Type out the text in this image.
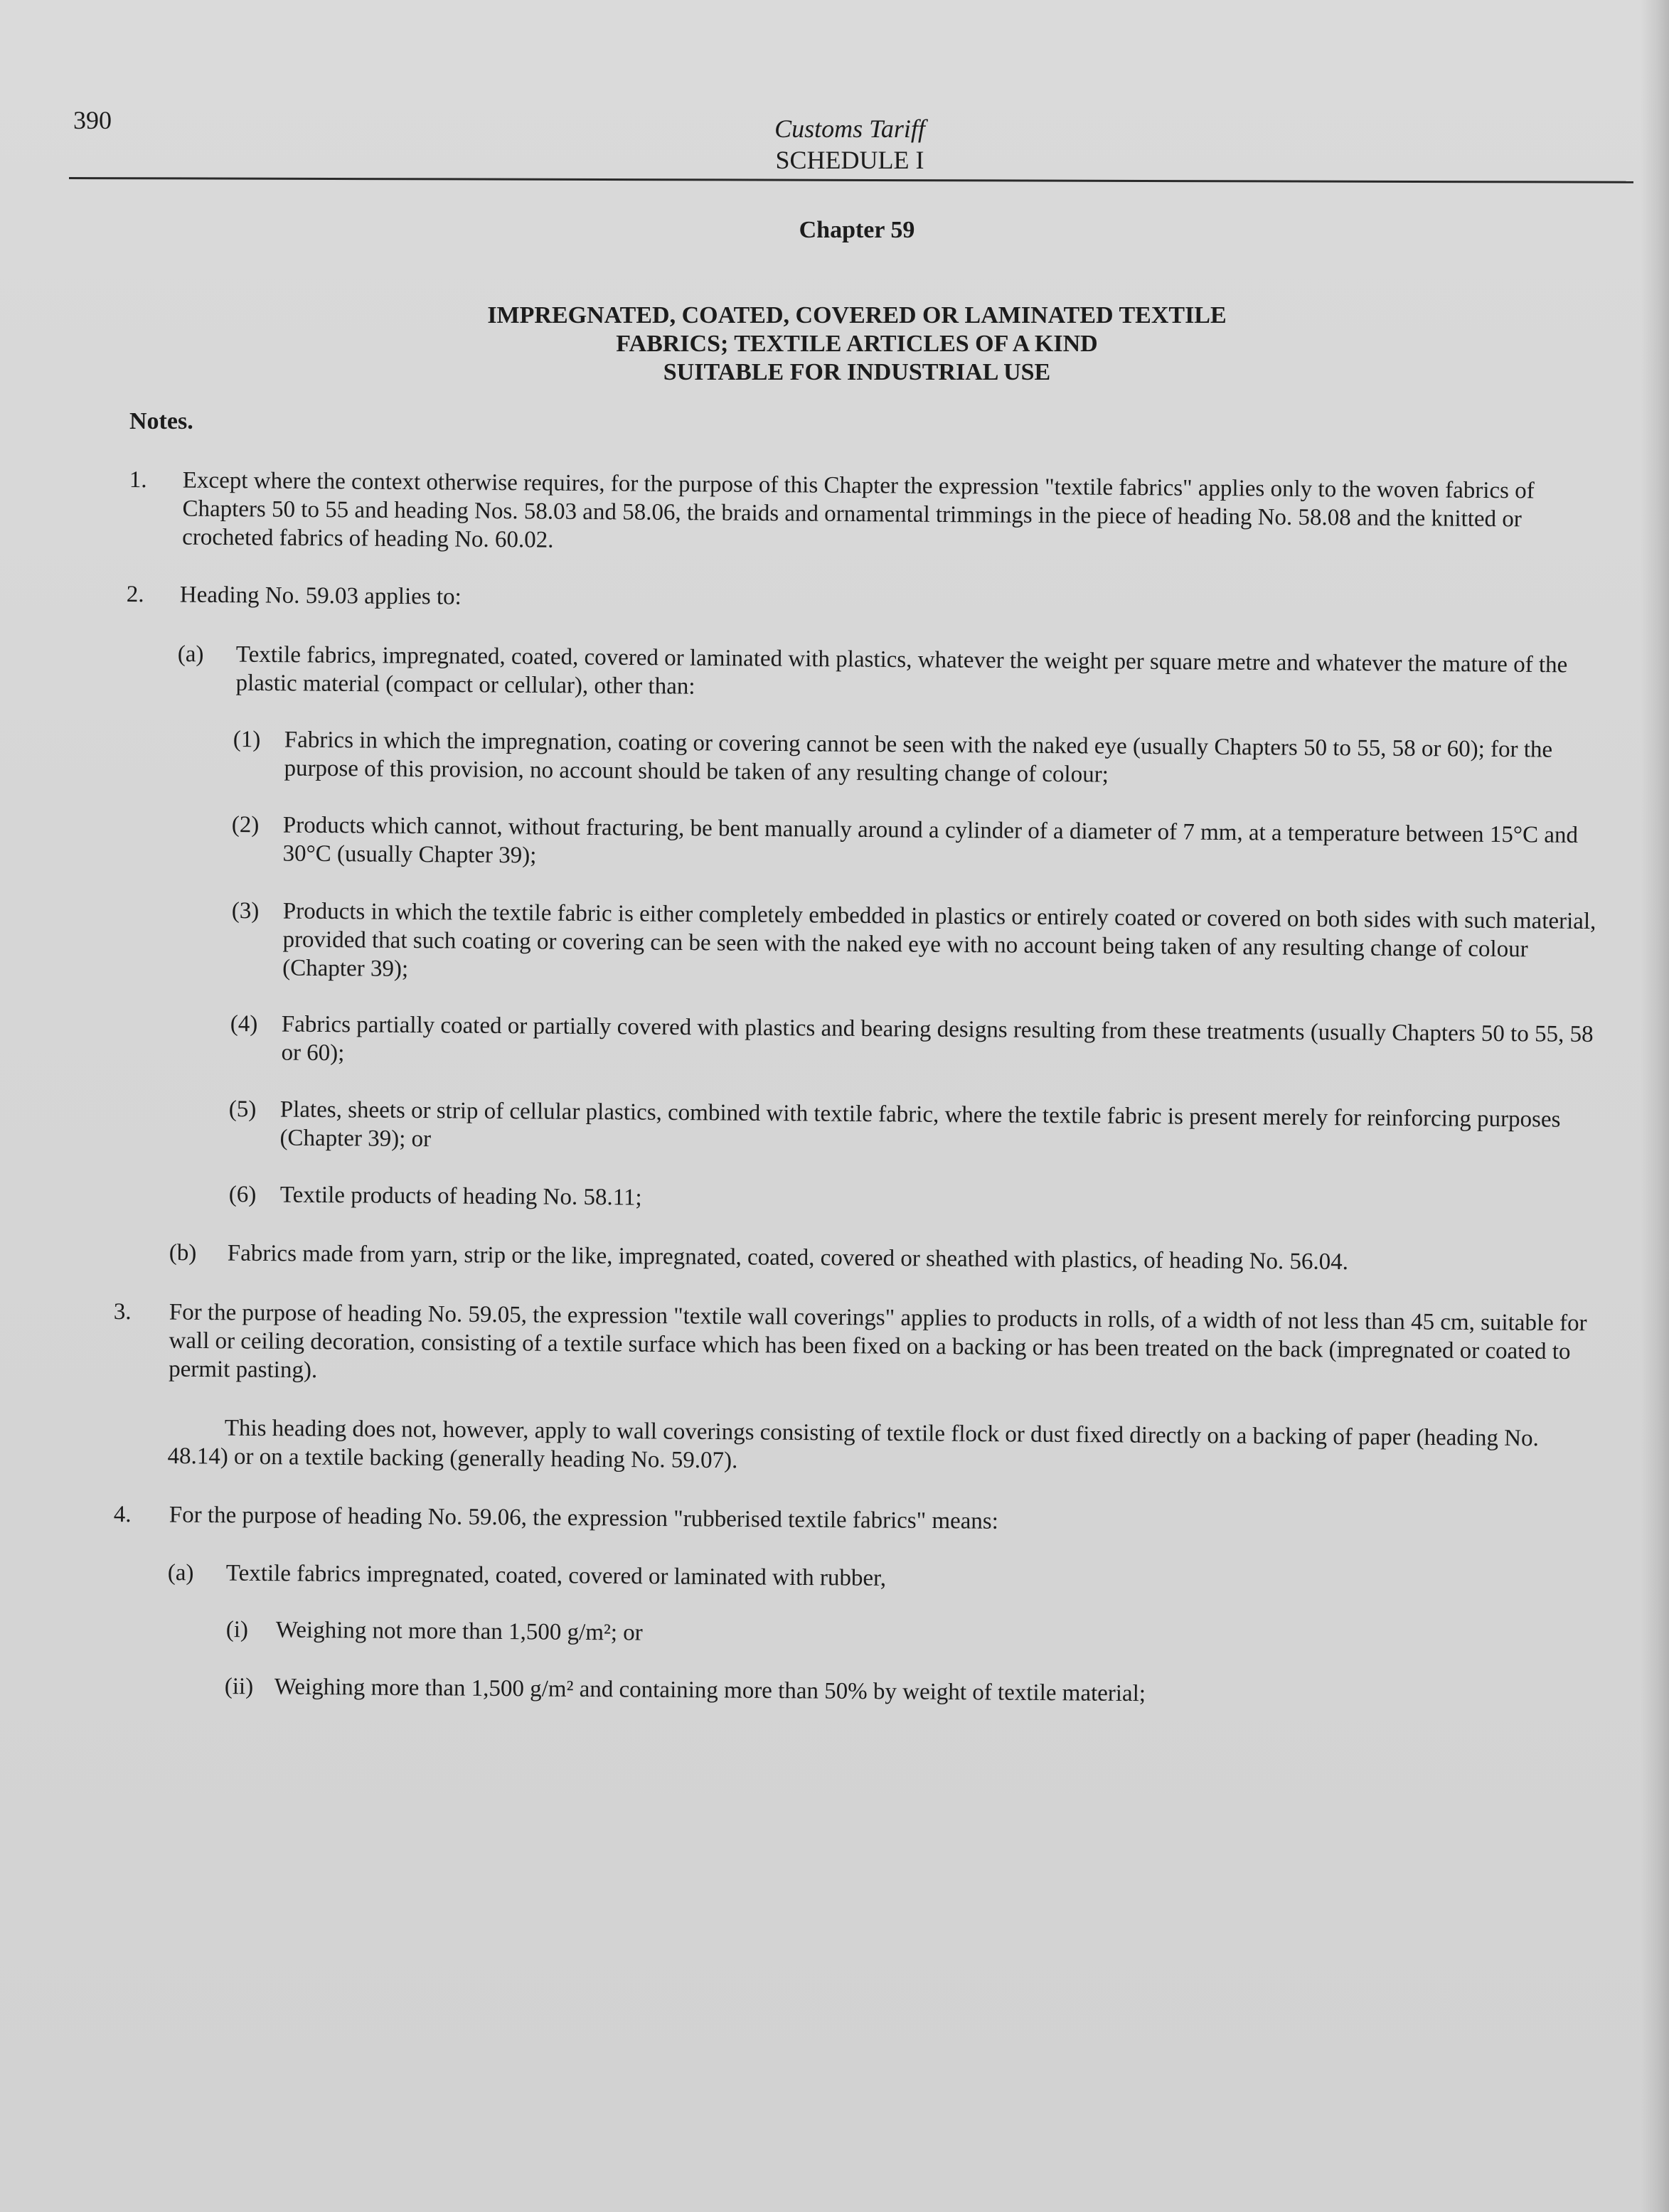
390	Customs Tariff
SCHEDULE I
Chapter 59
IMPREGNATED, COATED, COVERED OR LAMINATED TEXTILE
FABRICS; TEXTILE ARTICLES OF A KIND
SUITABLE FOR INDUSTRIAL USE
Notes.
1. Except where the context otherwise requires, for the purpose of this Chapter the expression "textile fabrics" applies only to the woven fabrics of Chapters 50 to 55 and heading Nos. 58.03 and 58.06, the braids and ornamental trimmings in the piece of heading No. 58.08 and the knitted or crocheted fabrics of heading No. 60.02.
2. Heading No. 59.03 applies to:
(a) Textile fabrics, impregnated, coated, covered or laminated with plastics, whatever the weight per square metre and whatever the mature of the plastic material (compact or cellular), other than:
(1) Fabrics in which the impregnation, coating or covering cannot be seen with the naked eye (usually Chapters 50 to 55, 58 or 60); for the purpose of this provision, no account should be taken of any resulting change of colour;
(2) Products which cannot, without fracturing, be bent manually around a cylinder of a diameter of 7 mm, at a temperature between 15°C and 30°C (usually Chapter 39);
(3) Products in which the textile fabric is either completely embedded in plastics or entirely coated or covered on both sides with such material, provided that such coating or covering can be seen with the naked eye with no account being taken of any resulting change of colour (Chapter 39);
(4) Fabrics partially coated or partially covered with plastics and bearing designs resulting from these treatments (usually Chapters 50 to 55, 58 or 60);
(5) Plates, sheets or strip of cellular plastics, combined with textile fabric, where the textile fabric is present merely for reinforcing purposes (Chapter 39); or
(6) Textile products of heading No. 58.11;
(b) Fabrics made from yarn, strip or the like, impregnated, coated, covered or sheathed with plastics, of heading No. 56.04.
3. For the purpose of heading No. 59.05, the expression "textile wall coverings" applies to products in rolls, of a width of not less than 45 cm, suitable for wall or ceiling decoration, consisting of a textile surface which has been fixed on a backing or has been treated on the back (impregnated or coated to permit pasting).
This heading does not, however, apply to wall coverings consisting of textile flock or dust fixed directly on a backing of paper (heading No. 48.14) or on a textile backing (generally heading No. 59.07).
4. For the purpose of heading No. 59.06, the expression "rubberised textile fabrics" means:
(a) Textile fabrics impregnated, coated, covered or laminated with rubber,
(i) Weighing not more than 1,500 g/m²; or
(ii) Weighing more than 1,500 g/m² and containing more than 50% by weight of textile material;
